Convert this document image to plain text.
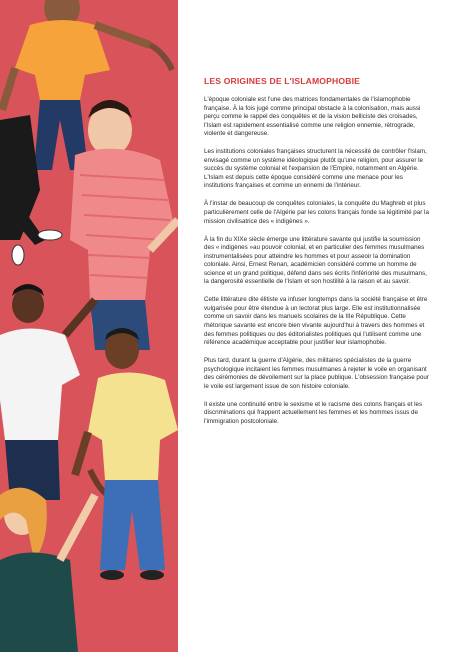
LES ORIGINES DE L'ISLAMOPHOBIE

L'époque coloniale est l'une des matrices fondamentales de l'islamophobie française. À la fois jugé comme principal obstacle à la colonisation, mais aussi perçu comme le rappel des conquêtes et de la vision belliciste des croisades, l'Islam est rapidement essentialisé comme une religion ennemie, rétrograde, violente et dangereuse.

Les institutions coloniales françaises structurent la nécessité de contrôler l'Islam, envisagé comme un système idéologique plutôt qu'une religion, pour assurer le succès du système colonial et l'expansion de l'Empire, notamment en Algérie. L'Islam est depuis cette époque considéré comme une menace pour les institutions françaises et comme un ennemi de l'intérieur.

À l'instar de beaucoup de conquêtes coloniales, la conquête du Maghreb et plus particulièrement celle de l'Algérie par les colons français fonde sa légitimité par la mission civilisatrice des « indigènes ».

À la fin du XIXe siècle émerge une littérature savante qui justifie la soumission des « indigènes »au pouvoir colonial, et en particulier des femmes musulmanes instrumentalisées pour atteindre les hommes et pour asseoir la domination coloniale. Ainsi, Ernest Renan, académicien considéré comme un homme de science et un grand politique, défend dans ses écrits l'infériorité des musulmans, la dangerosité essentielle de l'Islam et son hostilité à la raison et au savoir.

Cette littérature dite élitiste va infuser longtemps dans la société française et être vulgarisée pour être étendue à un lectorat plus large. Elle est institutionnalisée comme un savoir dans les manuels scolaires de la IIIe République. Cette rhétorique savante est encore bien vivante aujourd'hui à travers des hommes et des femmes politiques ou des éditorialistes politiques qui l'utilisent comme une référence académique acceptable pour justifier leur islamophobie.

Plus tard, durant la guerre d'Algérie, des militaires spécialistes de la guerre psychologique incitaient les femmes musulmanes à rejeter le voile en organisant des cérémonies de dévoilement sur la place publique. L'obsession française pour le voile est largement issue de son histoire coloniale.

Il existe une continuité entre le sexisme et le racisme des colons français et les discriminations qui frappent actuellement les femmes et les hommes issus de l'immigration postcoloniale.
